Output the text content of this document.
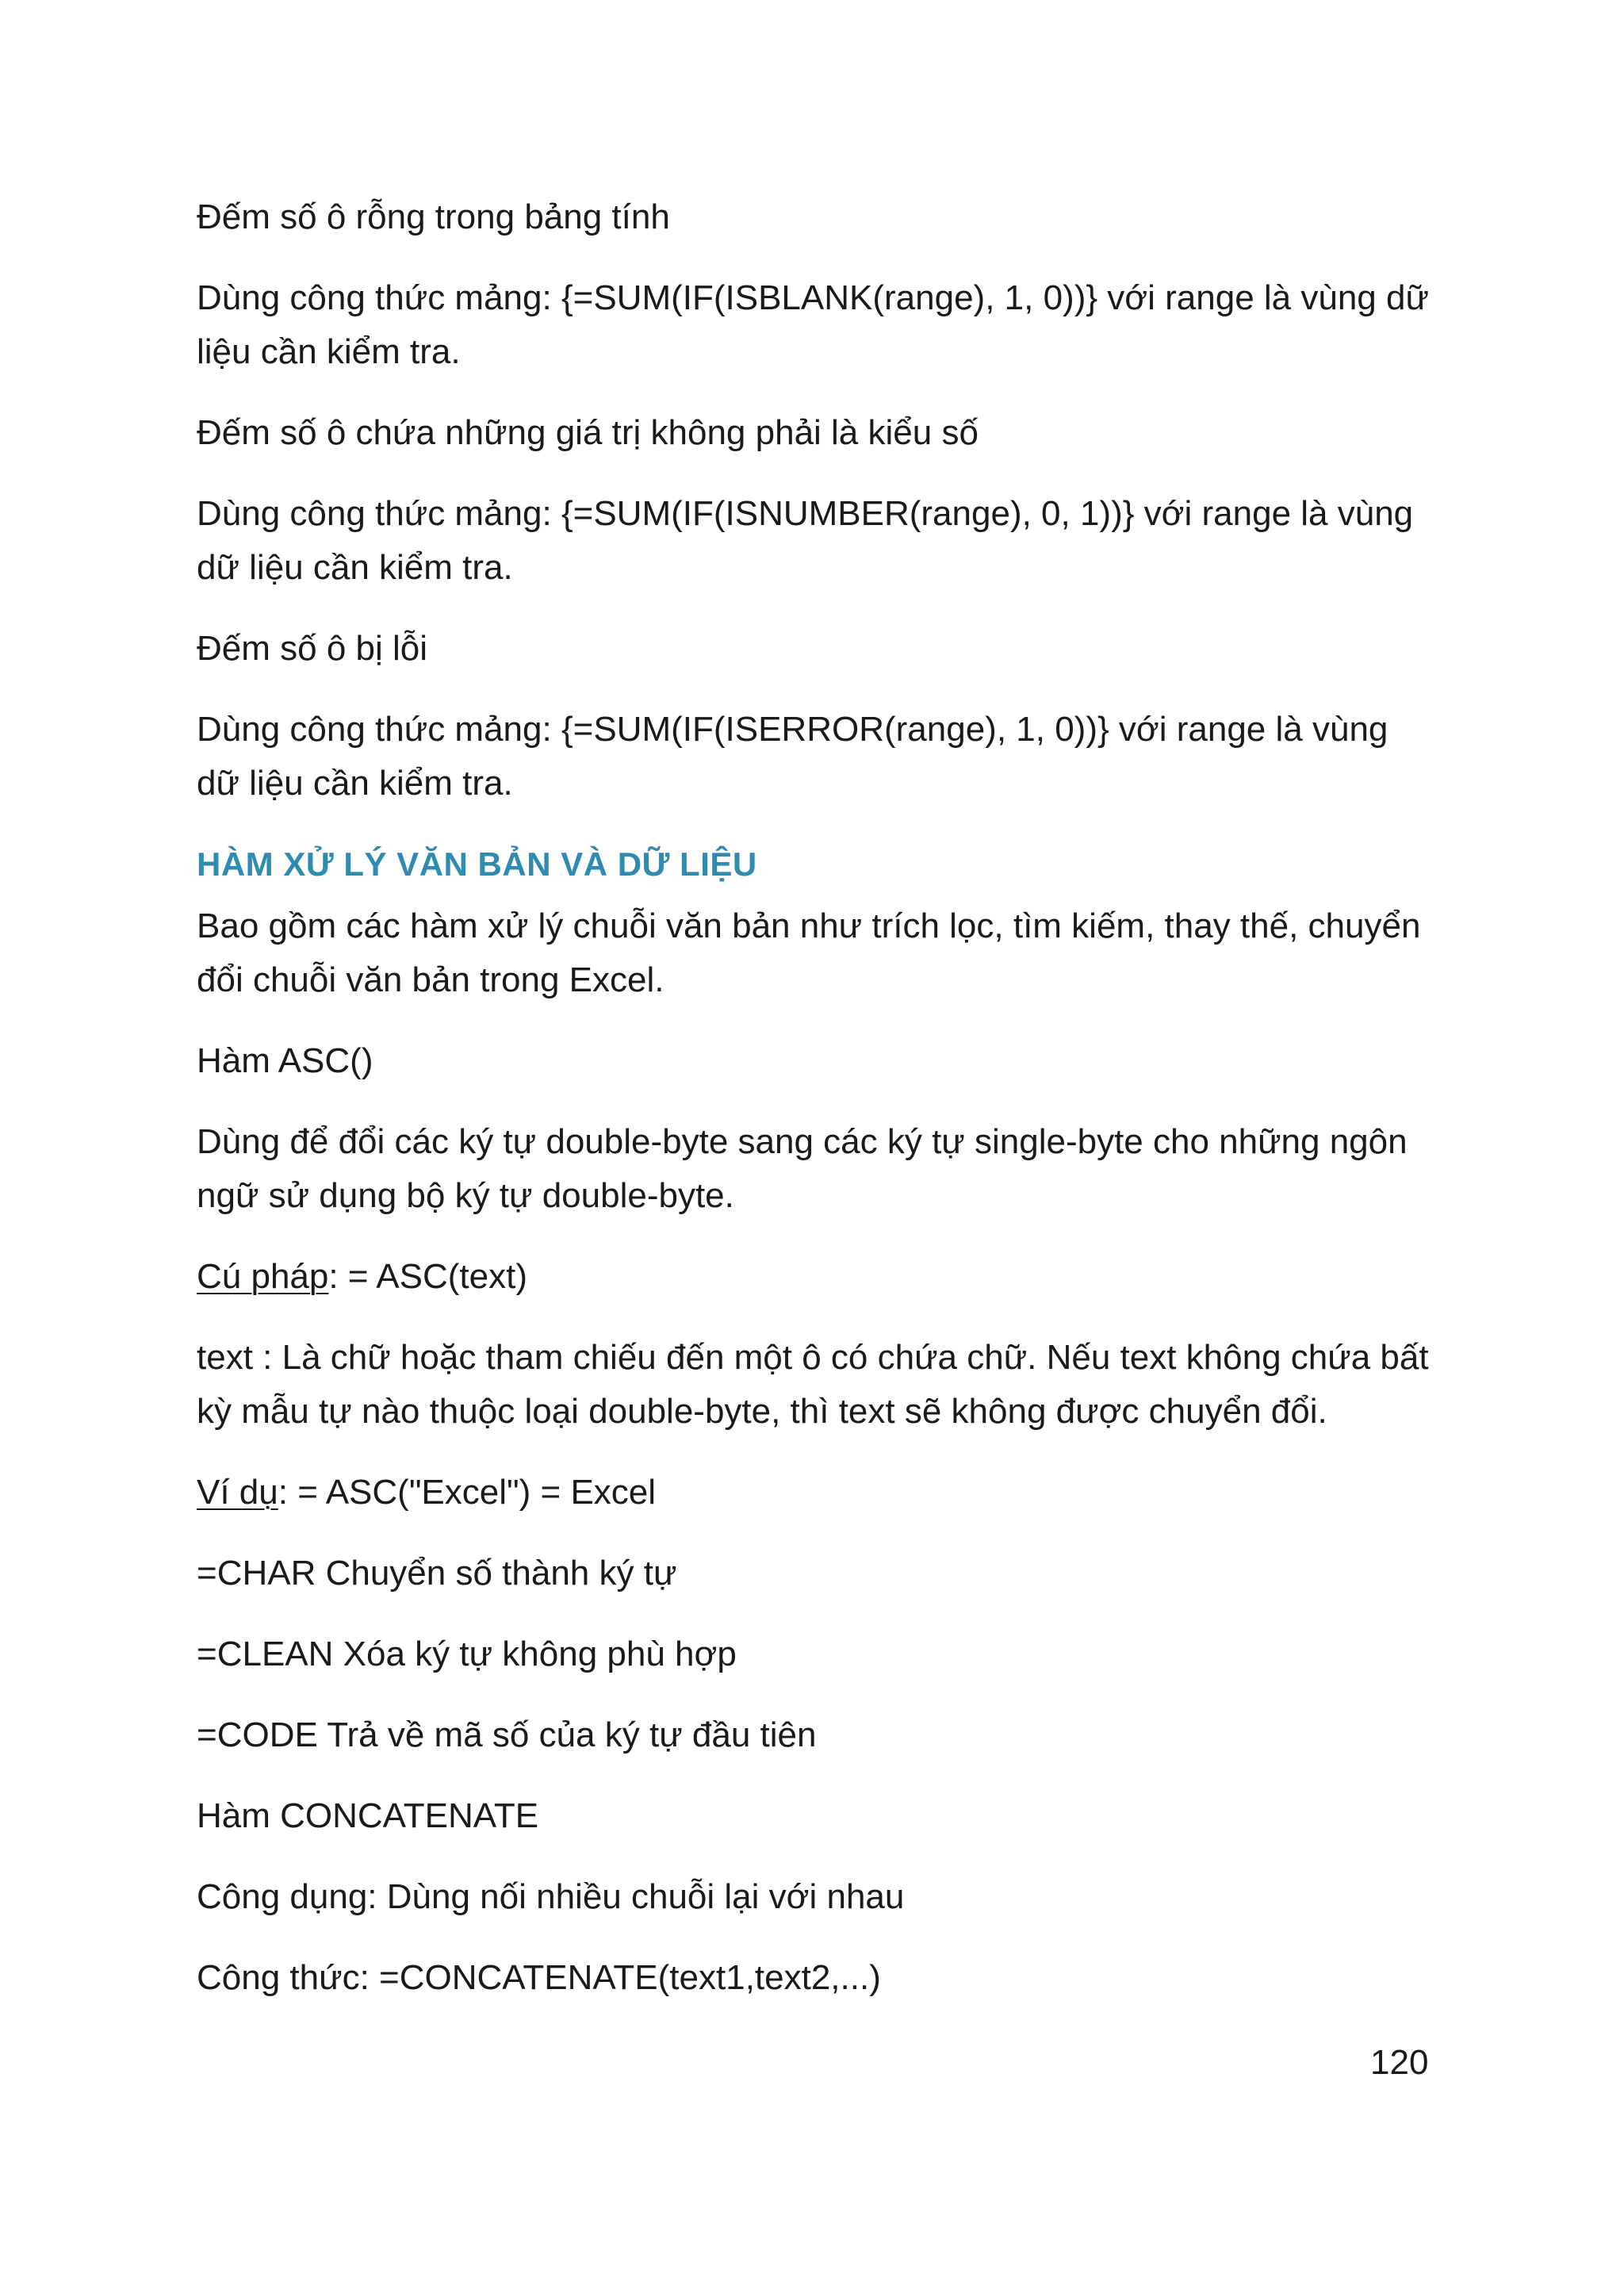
Đếm số ô rỗng trong bảng tính

Dùng công thức mảng: {=SUM(IF(ISBLANK(range), 1, 0))} với range là vùng dữ liệu cần kiểm tra.

Đếm số ô chứa những giá trị không phải là kiểu số

Dùng công thức mảng: {=SUM(IF(ISNUMBER(range), 0, 1))} với range là vùng dữ liệu cần kiểm tra.

Đếm số ô bị lỗi

Dùng công thức mảng: {=SUM(IF(ISERROR(range), 1, 0))} với range là vùng dữ liệu cần kiểm tra.

HÀM XỬ LÝ VĂN BẢN VÀ DỮ LIỆU

Bao gồm các hàm xử lý chuỗi văn bản như trích lọc, tìm kiếm, thay thế, chuyển đổi chuỗi văn bản trong Excel.

Hàm ASC()

Dùng để đổi các ký tự double-byte sang các ký tự single-byte cho những ngôn ngữ sử dụng bộ ký tự double-byte.

Cú pháp: = ASC(text)

text : Là chữ hoặc tham chiếu đến một ô có chứa chữ. Nếu text không chứa bất kỳ mẫu tự nào thuộc loại double-byte, thì text sẽ không được chuyển đổi.

Ví dụ: = ASC("Excel") = Excel

=CHAR Chuyển số thành ký tự

=CLEAN Xóa ký tự không phù hợp

=CODE Trả về mã số của ký tự đầu tiên

Hàm CONCATENATE

Công dụng: Dùng nối nhiều chuỗi lại với nhau

Công thức: =CONCATENATE(text1,text2,...)

120
